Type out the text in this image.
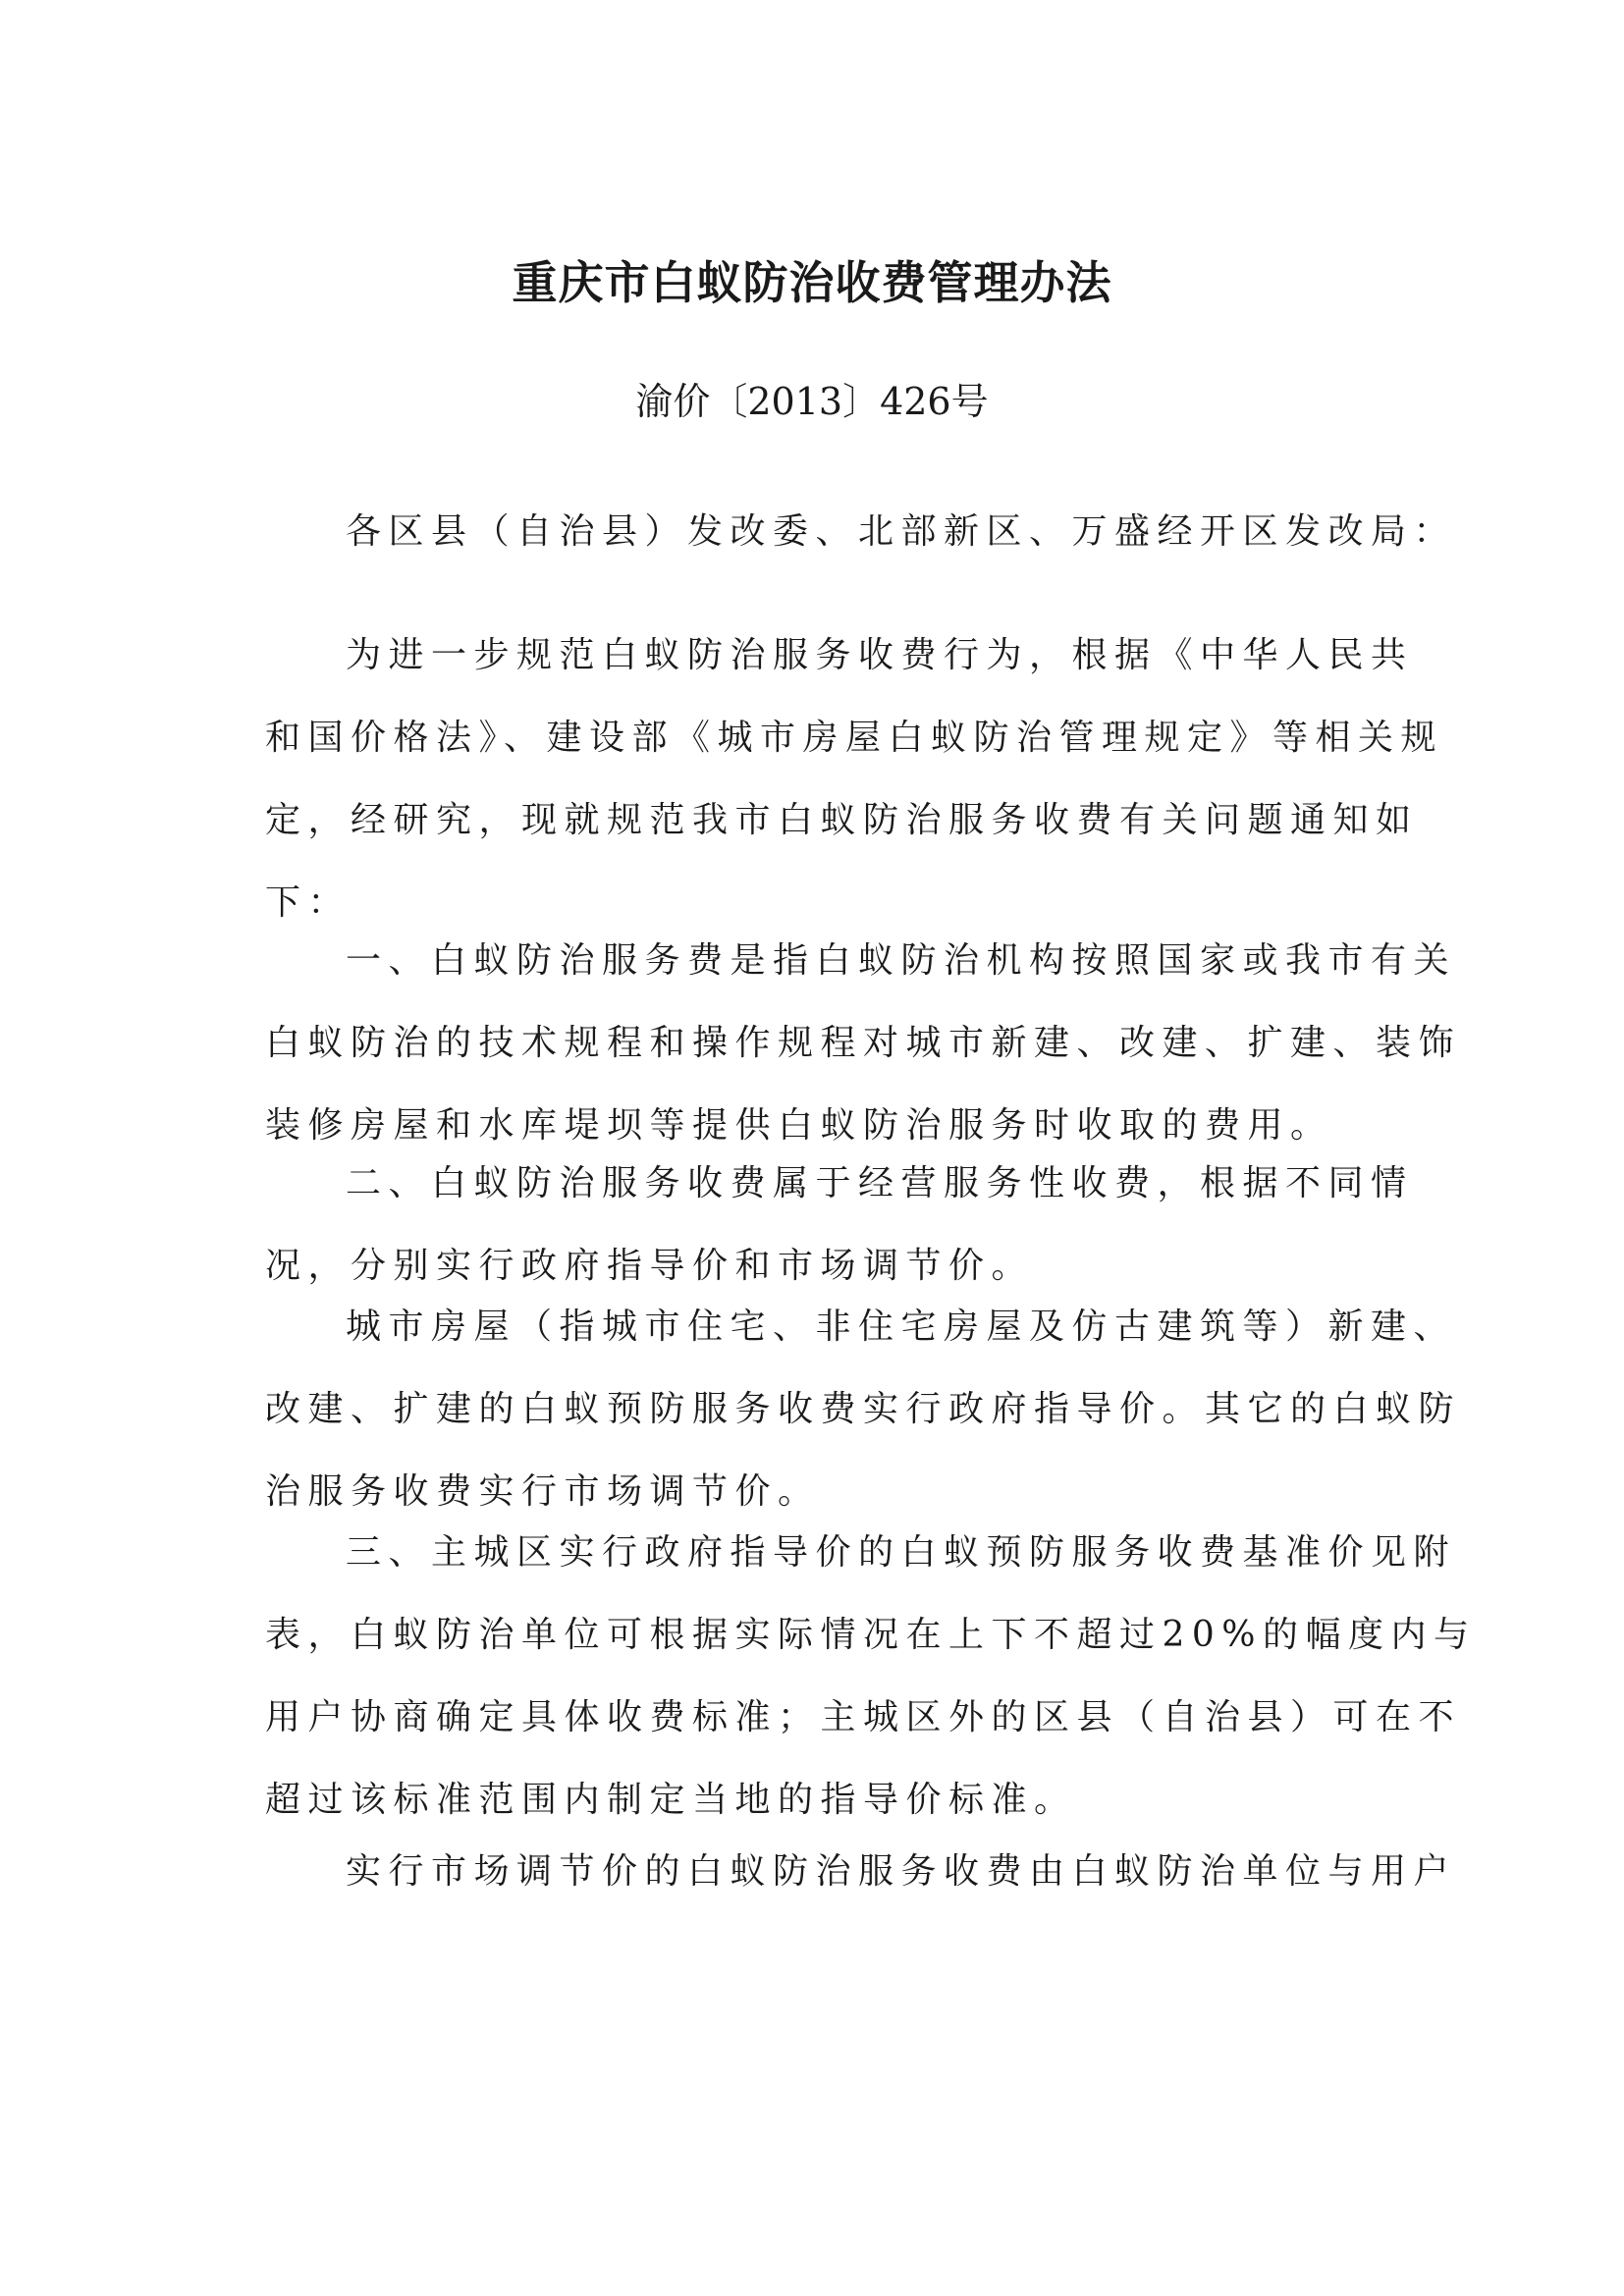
重庆市白蚁防治收费管理办法
渝价〔2013〕426号
各区县（自治县）发改委、北部新区、万盛经开区发改局：
为进一步规范白蚁防治服务收费行为，根据《中华人民共
和国价格法》、建设部《城市房屋白蚁防治管理规定》等相关规
定，经研究，现就规范我市白蚁防治服务收费有关问题通知如
下：
一、白蚁防治服务费是指白蚁防治机构按照国家或我市有关
白蚁防治的技术规程和操作规程对城市新建、改建、扩建、装饰
装修房屋和水库堤坝等提供白蚁防治服务时收取的费用。
二、白蚁防治服务收费属于经营服务性收费，根据不同情
况，分别实行政府指导价和市场调节价。
城市房屋（指城市住宅、非住宅房屋及仿古建筑等）新建、
改建、扩建的白蚁预防服务收费实行政府指导价。其它的白蚁防
治服务收费实行市场调节价。
三、主城区实行政府指导价的白蚁预防服务收费基准价见附
表，白蚁防治单位可根据实际情况在上下不超过20%的幅度内与
用户协商确定具体收费标准；主城区外的区县（自治县）可在不
超过该标准范围内制定当地的指导价标准。
实行市场调节价的白蚁防治服务收费由白蚁防治单位与用户
